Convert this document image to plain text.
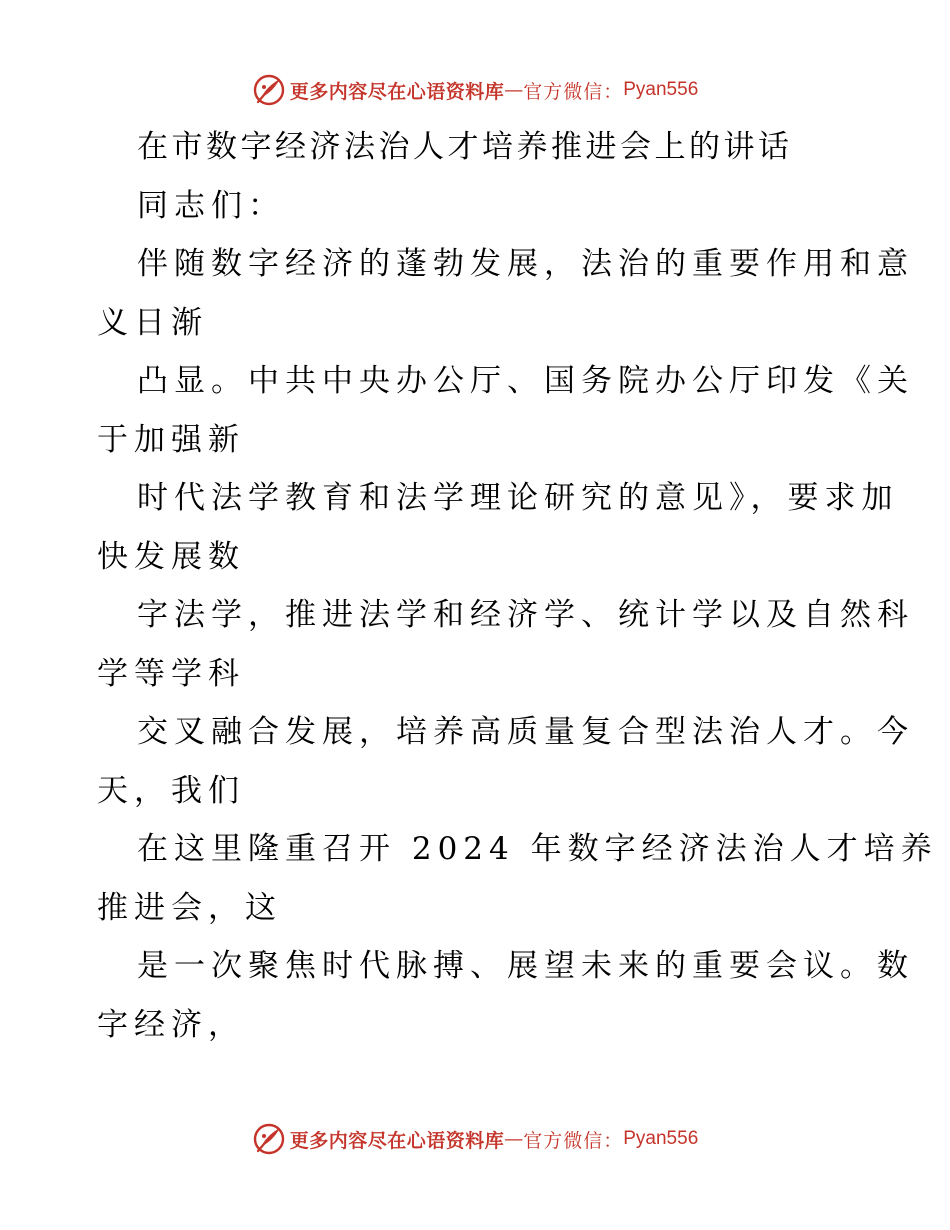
更多内容尽在心语资料库 — 官方微信： Pyan556
在市数字经济法治人才培养推进会上的讲话
同志们：
伴随数字经济的蓬勃发展，法治的重要作用和意
义日渐
凸显。中共中央办公厅、国务院办公厅印发《关
于加强新
时代法学教育和法学理论研究的意见》，要求加
快发展数
字法学，推进法学和经济学、统计学以及自然科
学等学科
交叉融合发展，培养高质量复合型法治人才。今
天，我们
在这里隆重召开 2024 年数字经济法治人才培养
推进会，这
是一次聚焦时代脉搏、展望未来的重要会议。数
字经济，
更多内容尽在心语资料库 — 官方微信： Pyan556
